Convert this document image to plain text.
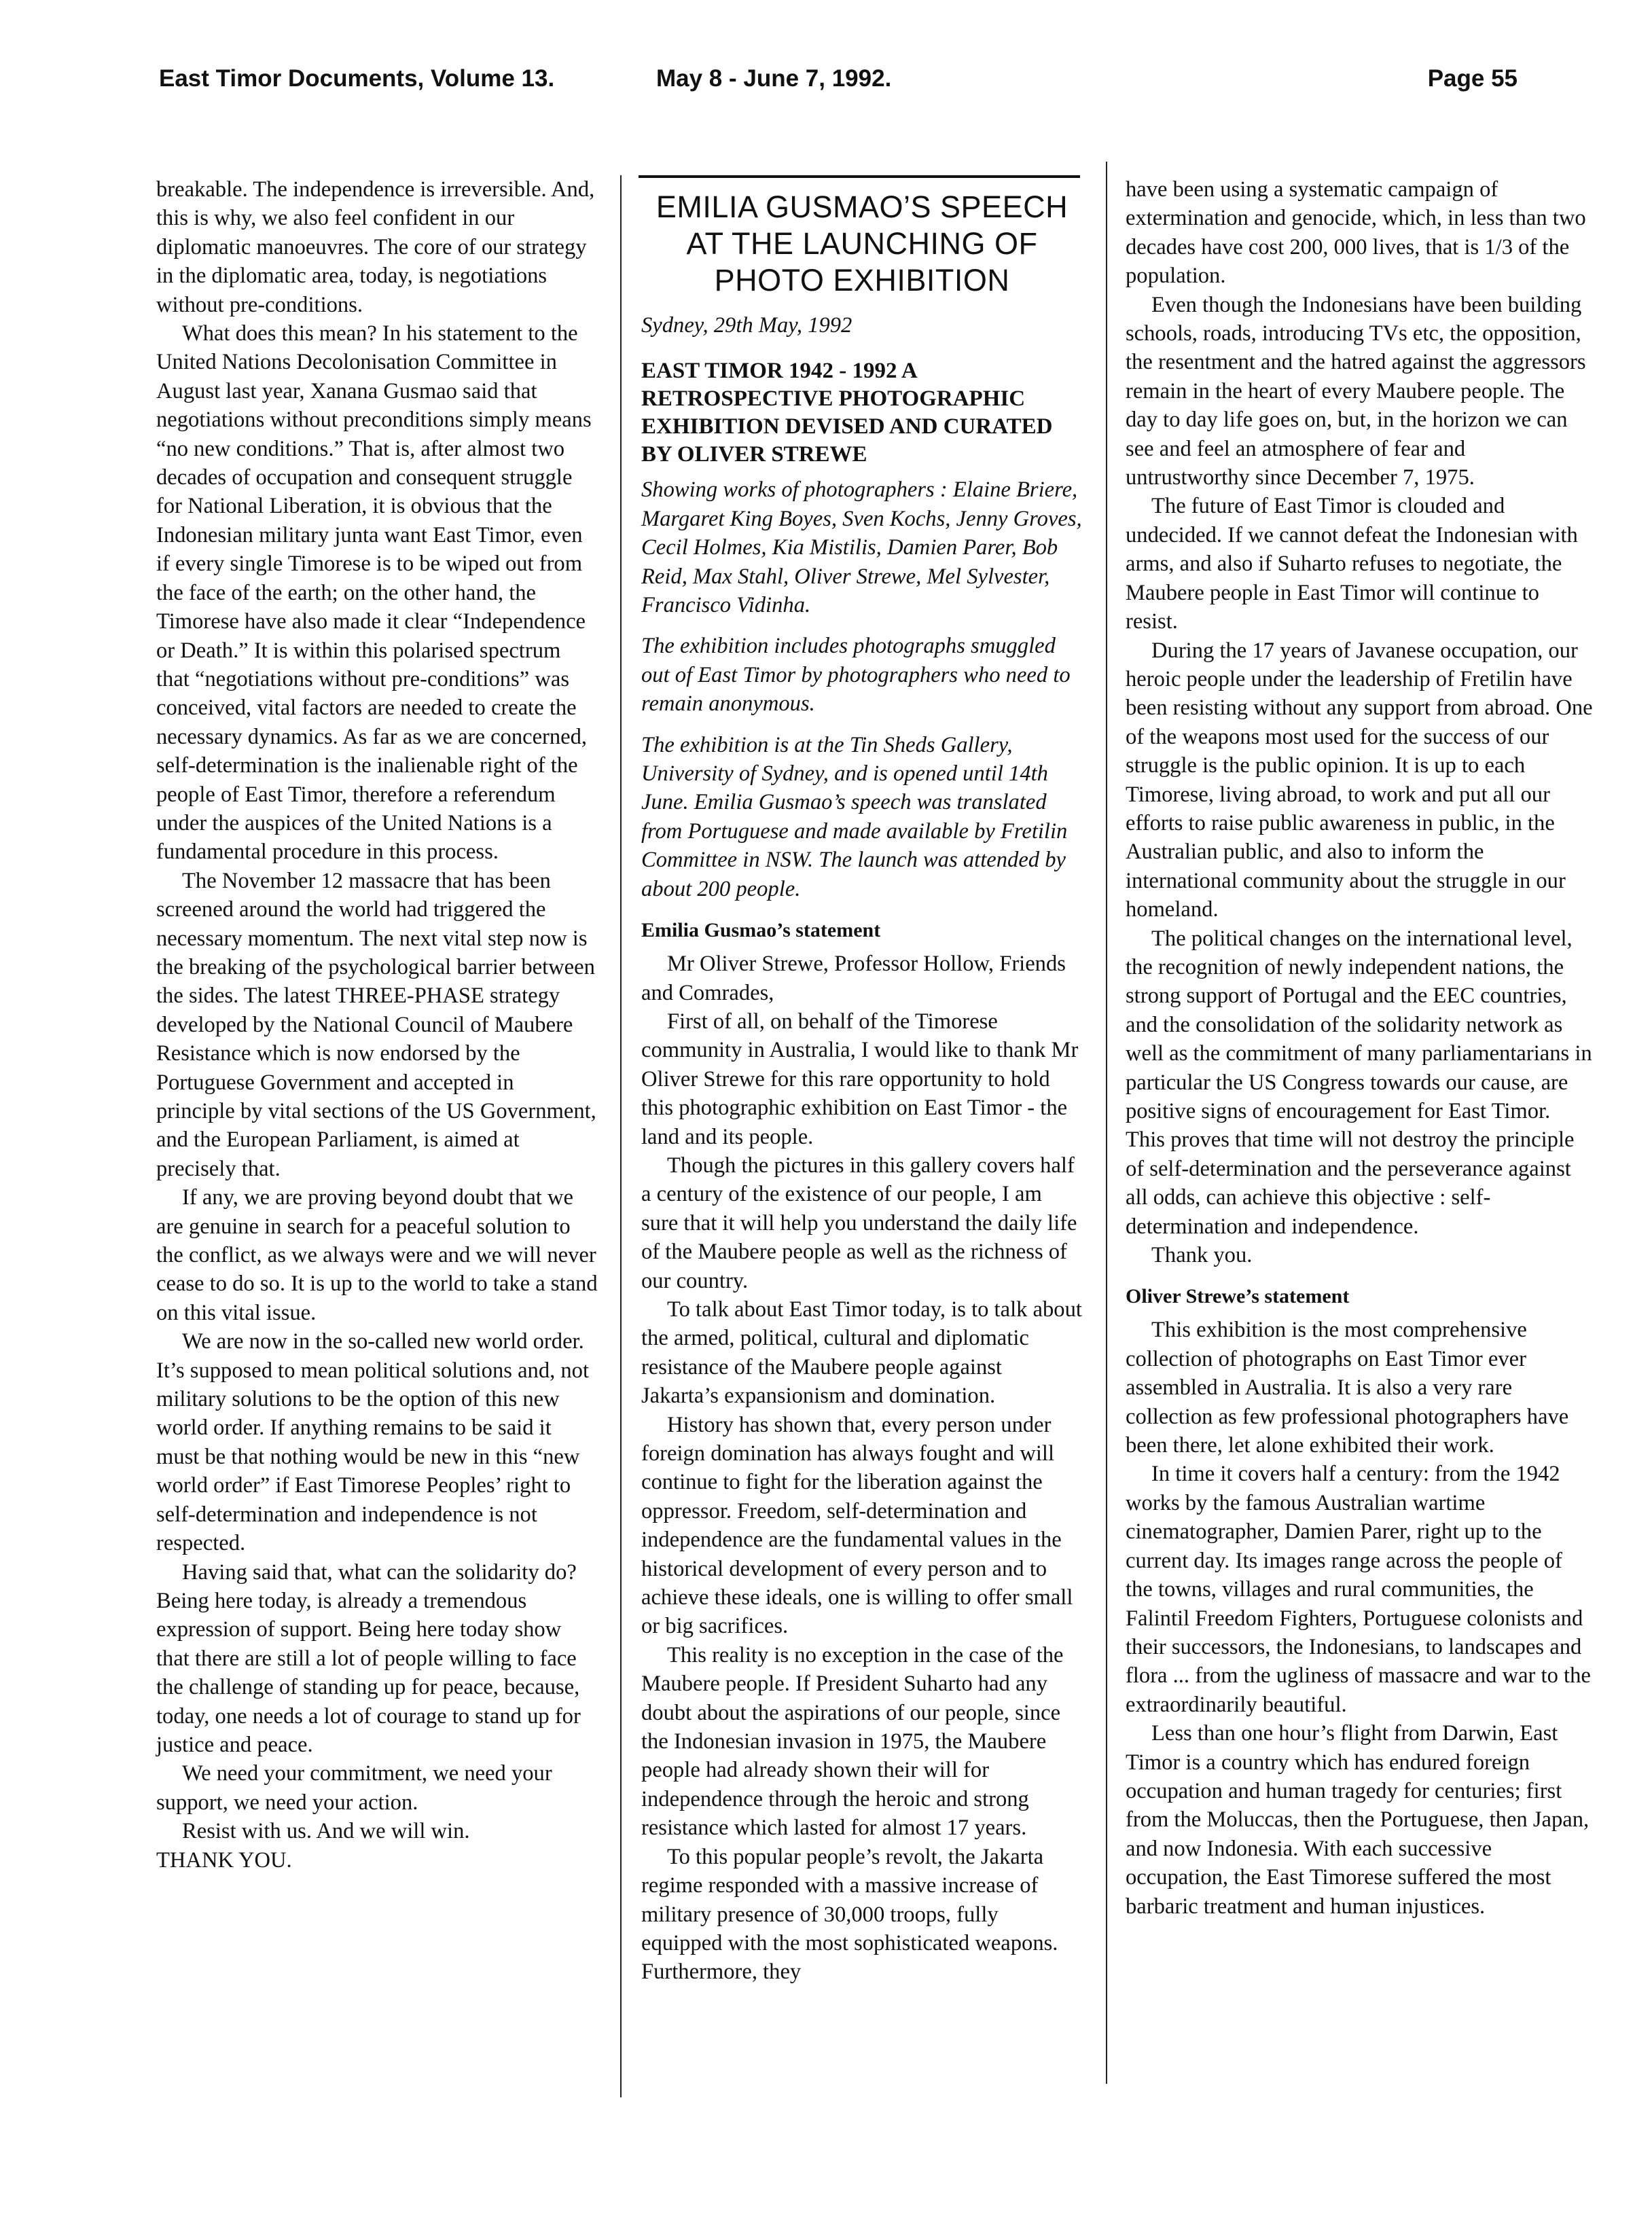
East Timor Documents, Volume 13.	May 8 - June 7, 1992.	Page 55

breakable. The independence is irreversible. And, this is why, we also feel confident in our diplomatic manoeuvres. The core of our strategy in the diplomatic area, today, is negotiations without pre-conditions.

What does this mean? In his statement to the United Nations Decolonisation Committee in August last year, Xanana Gusmao said that negotiations without preconditions simply means “no new conditions.” That is, after almost two decades of occupation and consequent struggle for National Liberation, it is obvious that the Indonesian military junta want East Timor, even if every single Timorese is to be wiped out from the face of the earth; on the other hand, the Timorese have also made it clear “Independence or Death.” It is within this polarised spectrum that “negotiations without pre-conditions” was conceived, vital factors are needed to create the necessary dynamics. As far as we are concerned, self-determination is the inalienable right of the people of East Timor, therefore a referendum under the auspices of the United Nations is a fundamental procedure in this process.

The November 12 massacre that has been screened around the world had triggered the necessary momentum. The next vital step now is the breaking of the psychological barrier between the sides. The latest THREE-PHASE strategy developed by the National Council of Maubere Resistance which is now endorsed by the Portuguese Government and accepted in principle by vital sections of the US Government, and the European Parliament, is aimed at precisely that.

If any, we are proving beyond doubt that we are genuine in search for a peaceful solution to the conflict, as we always were and we will never cease to do so. It is up to the world to take a stand on this vital issue.

We are now in the so-called new world order. It’s supposed to mean political solutions and, not military solutions to be the option of this new world order. If anything remains to be said it must be that nothing would be new in this “new world order” if East Timorese Peoples’ right to self-determination and independence is not respected.

Having said that, what can the solidarity do? Being here today, is already a tremendous expression of support. Being here today show that there are still a lot of people willing to face the challenge of standing up for peace, because, today, one needs a lot of courage to stand up for justice and peace.

We need your commitment, we need your support, we need your action.

Resist with us. And we will win.

THANK YOU.

EMILIA GUSMAO’S SPEECH AT THE LAUNCHING OF PHOTO EXHIBITION

Sydney, 29th May, 1992

EAST TIMOR 1942 - 1992 A RETROSPECTIVE PHOTOGRAPHIC EXHIBITION DEVISED AND CURATED BY OLIVER STREWE

Showing works of photographers : Elaine Briere, Margaret King Boyes, Sven Kochs, Jenny Groves, Cecil Holmes, Kia Mistilis, Damien Parer, Bob Reid, Max Stahl, Oliver Strewe, Mel Sylvester, Francisco Vidinha.

The exhibition includes photographs smuggled out of East Timor by photographers who need to remain anonymous.

The exhibition is at the Tin Sheds Gallery, University of Sydney, and is opened until 14th June. Emilia Gusmao’s speech was translated from Portuguese and made available by Fretilin Committee in NSW. The launch was attended by about 200 people.

Emilia Gusmao’s statement

Mr Oliver Strewe, Professor Hollow, Friends and Comrades,

First of all, on behalf of the Timorese community in Australia, I would like to thank Mr Oliver Strewe for this rare opportunity to hold this photographic exhibition on East Timor - the land and its people.

Though the pictures in this gallery covers half a century of the existence of our people, I am sure that it will help you understand the daily life of the Maubere people as well as the richness of our country.

To talk about East Timor today, is to talk about the armed, political, cultural and diplomatic resistance of the Maubere people against Jakarta’s expansionism and domination.

History has shown that, every person under foreign domination has always fought and will continue to fight for the liberation against the oppressor. Freedom, self-determination and independence are the fundamental values in the historical development of every person and to achieve these ideals, one is willing to offer small or big sacrifices.

This reality is no exception in the case of the Maubere people. If President Suharto had any doubt about the aspirations of our people, since the Indonesian invasion in 1975, the Maubere people had already shown their will for independence through the heroic and strong resistance which lasted for almost 17 years.

To this popular people’s revolt, the Jakarta regime responded with a massive increase of military presence of 30,000 troops, fully equipped with the most sophisticated weapons. Furthermore, they

have been using a systematic campaign of extermination and genocide, which, in less than two decades have cost 200, 000 lives, that is 1/3 of the population.

Even though the Indonesians have been building schools, roads, introducing TVs etc, the opposition, the resentment and the hatred against the aggressors remain in the heart of every Maubere people. The day to day life goes on, but, in the horizon we can see and feel an atmosphere of fear and untrustworthy since December 7, 1975.

The future of East Timor is clouded and undecided. If we cannot defeat the Indonesian with arms, and also if Suharto refuses to negotiate, the Maubere people in East Timor will continue to resist.

During the 17 years of Javanese occupation, our heroic people under the leadership of Fretilin have been resisting without any support from abroad. One of the weapons most used for the success of our struggle is the public opinion. It is up to each Timorese, living abroad, to work and put all our efforts to raise public awareness in public, in the Australian public, and also to inform the international community about the struggle in our homeland.

The political changes on the international level, the recognition of newly independent nations, the strong support of Portugal and the EEC countries, and the consolidation of the solidarity network as well as the commitment of many parliamentarians in particular the US Congress towards our cause, are positive signs of encouragement for East Timor. This proves that time will not destroy the principle of self-determination and the perseverance against all odds, can achieve this objective : self-determination and independence.

Thank you.

Oliver Strewe’s statement

This exhibition is the most comprehensive collection of photographs on East Timor ever assembled in Australia. It is also a very rare collection as few professional photographers have been there, let alone exhibited their work.

In time it covers half a century: from the 1942 works by the famous Australian wartime cinematographer, Damien Parer, right up to the current day. Its images range across the people of the towns, villages and rural communities, the Falintil Freedom Fighters, Portuguese colonists and their successors, the Indonesians, to landscapes and flora ... from the ugliness of massacre and war to the extraordinarily beautiful.

Less than one hour’s flight from Darwin, East Timor is a country which has endured foreign occupation and human tragedy for centuries; first from the Moluccas, then the Portuguese, then Japan, and now Indonesia. With each successive occupation, the East Timorese suffered the most barbaric treatment and human injustices.
